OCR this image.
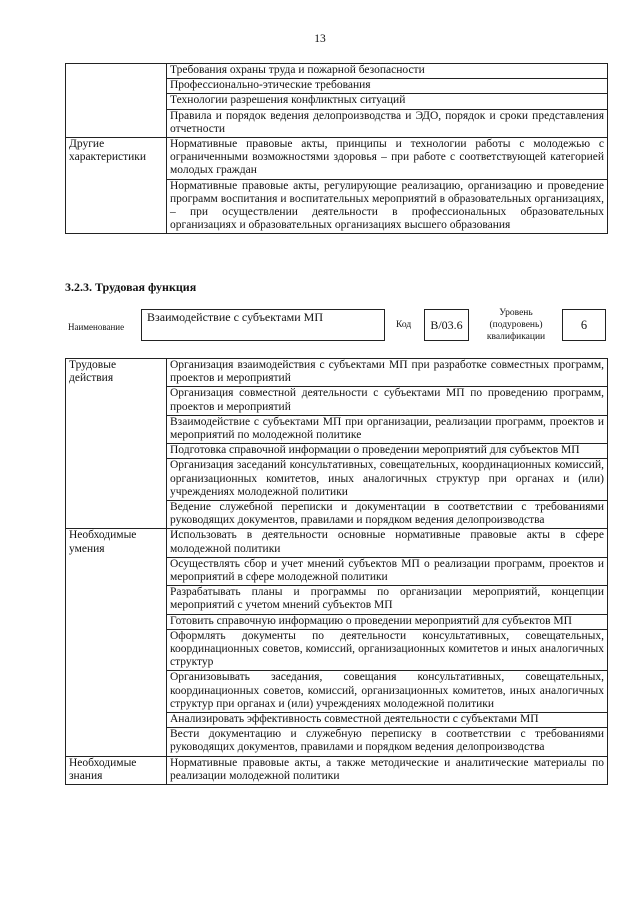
13
	Требования охраны труда и пожарной безопасности
	Профессионально-этические требования
	Технологии разрешения конфликтных ситуаций
	Правила и порядок ведения делопроизводства и ЭДО, порядок и сроки представления отчетности
Другие характеристики	Нормативные правовые акты, принципы и технологии работы с молодежью с ограниченными возможностями здоровья – при работе с соответствующей категорией молодых граждан
	Нормативные правовые акты, регулирующие реализацию, организацию и проведение программ воспитания и воспитательных мероприятий в образовательных организациях, – при осуществлении деятельности в профессиональных образовательных организациях и образовательных организациях высшего образования
3.2.3. Трудовая функция
Наименование
Взаимодействие с субъектами МП
Код	B/03.6
Уровень (подуровень) квалификации
6
Трудовые действия	Организация взаимодействия с субъектами МП при разработке совместных программ, проектов и мероприятий
	Организация совместной деятельности с субъектами МП по проведению программ, проектов и мероприятий
	Взаимодействие с субъектами МП при организации, реализации программ, проектов и мероприятий по молодежной политике
	Подготовка справочной информации о проведении мероприятий для субъектов МП
	Организация заседаний консультативных, совещательных, координационных комиссий, организационных комитетов, иных аналогичных структур при органах и (или) учреждениях молодежной политики
	Ведение служебной переписки и документации в соответствии с требованиями руководящих документов, правилами и порядком ведения делопроизводства
Необходимые умения	Использовать в деятельности основные нормативные правовые акты в сфере молодежной политики
	Осуществлять сбор и учет мнений субъектов МП о реализации программ, проектов и мероприятий в сфере молодежной политики
	Разрабатывать планы и программы по организации мероприятий, концепции мероприятий с учетом мнений субъектов МП
	Готовить справочную информацию о проведении мероприятий для субъектов МП
	Оформлять документы по деятельности консультативных, совещательных, координационных советов, комиссий, организационных комитетов и иных аналогичных структур
	Организовывать заседания, совещания консультативных, совещательных, координационных советов, комиссий, организационных комитетов, иных аналогичных структур при органах и (или) учреждениях молодежной политики
	Анализировать эффективность совместной деятельности с субъектами МП
	Вести документацию и служебную переписку в соответствии с требованиями руководящих документов, правилами и порядком ведения делопроизводства
Необходимые знания	Нормативные правовые акты, а также методические и аналитические материалы по реализации молодежной политики
